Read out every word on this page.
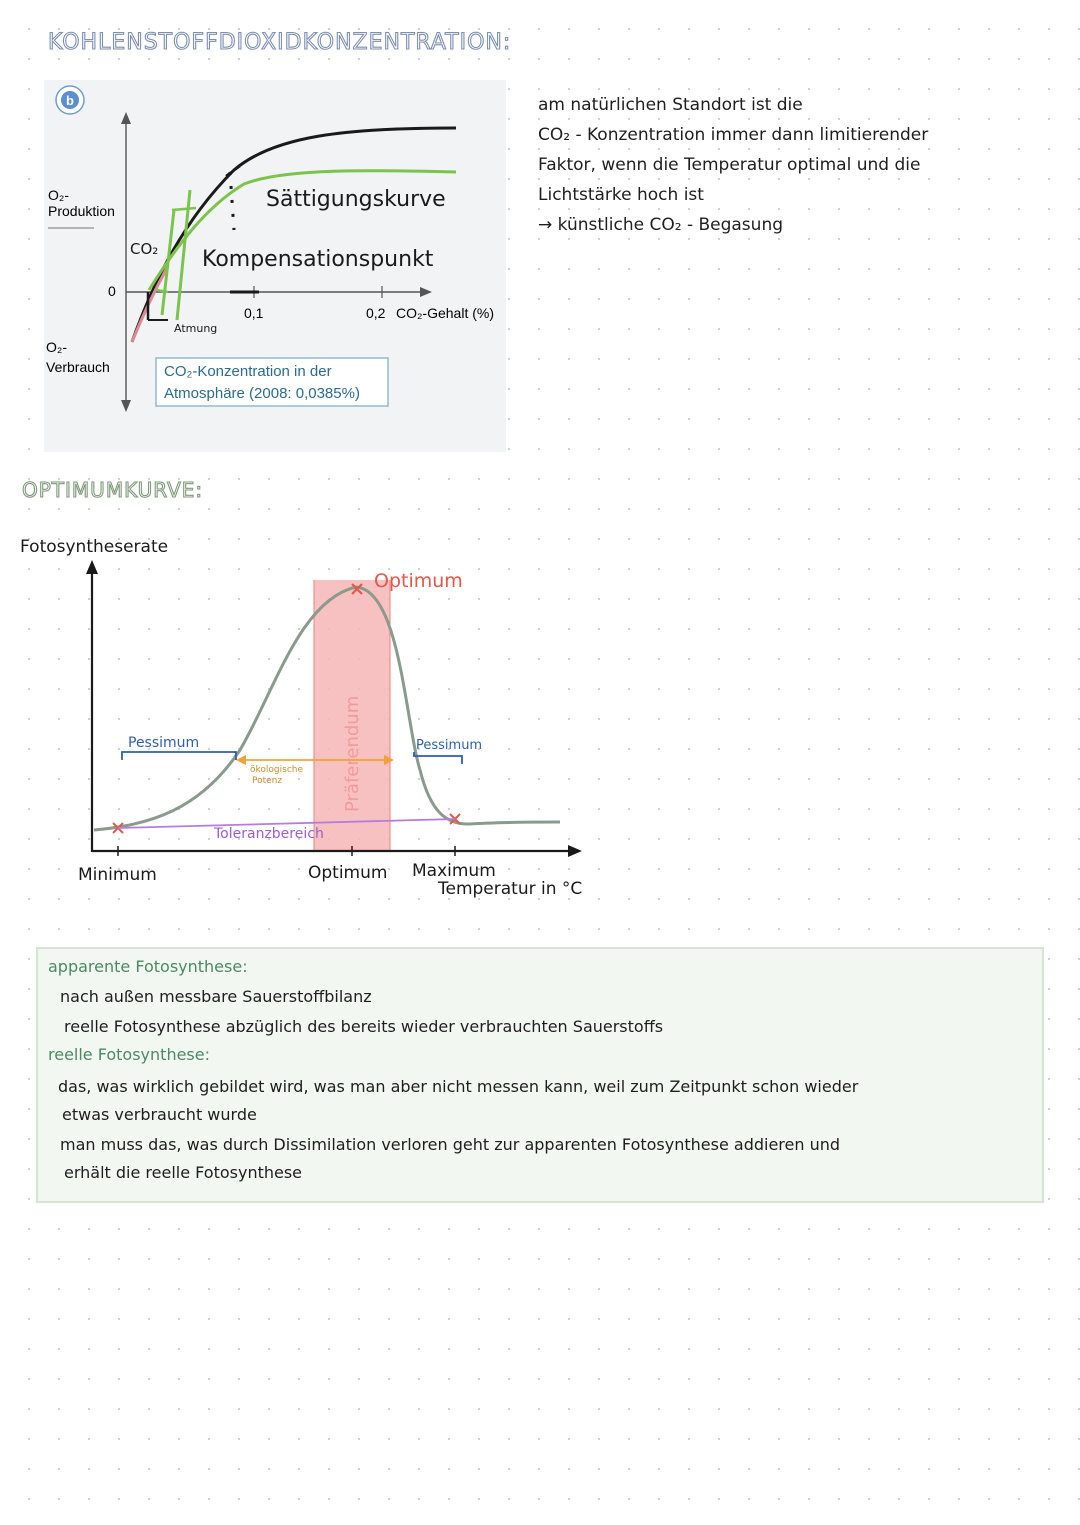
KOHLENSTOFFDIOXIDKONZENTRATION:
b
O₂-
Produktion
O₂-
Verbrauch
0
0,1	0,2 CO₂-Gehalt (%)
Atmung
CO₂-Konzentration in der
Atmosphäre (2008: 0,0385%)
Sättigungskurve
CO₂ Kompensationspunkt
am natürlichen Standort ist die
CO₂ - Konzentration immer dann limitierender
Faktor, wenn die Temperatur optimal und die
Lichtstärke hoch ist
→ künstliche CO₂ - Begasung
OPTIMUMKURVE:
Fotosyntheserate
Optimum
Pessimum	Pessimum
ökologische
Potenz	Präferendum
Toleranzbereich
Minimum	Optimum Maximum
Temperatur in °C
apparente Fotosynthese:
nach außen messbare Sauerstoffbilanz
reelle Fotosynthese abzüglich des bereits wieder verbrauchten Sauerstoffs
reelle Fotosynthese:
das, was wirklich gebildet wird, was man aber nicht messen kann, weil zum Zeitpunkt schon wieder
etwas verbraucht wurde
man muss das, was durch Dissimilation verloren geht zur apparenten Fotosynthese addieren und
erhält die reelle Fotosynthese
